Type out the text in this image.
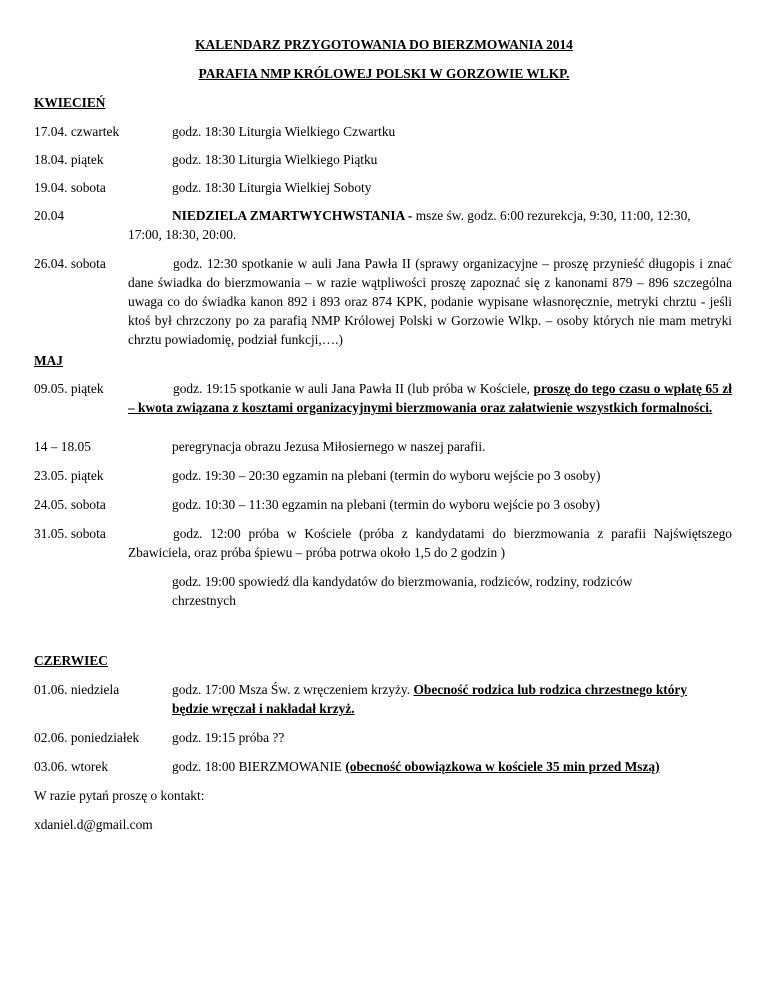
KALENDARZ PRZYGOTOWANIA DO BIERZMOWANIA 2014
PARAFIA NMP KRÓLOWEJ POLSKI W GORZOWIE WLKP.
KWIECIEŃ
17.04. czwartek	godz. 18:30 Liturgia Wielkiego Czwartku
18.04. piątek	godz. 18:30 Liturgia Wielkiego Piątku
19.04. sobota	godz. 18:30 Liturgia Wielkiej Soboty
20.04	NIEDZIELA ZMARTWYCHWSTANIA - msze św. godz. 6:00 rezurekcja, 9:30, 11:00, 12:30,
17:00, 18:30, 20:00.
26.04. sobota	godz. 12:30 spotkanie w auli Jana Pawła II (sprawy organizacyjne – proszę przynieść długopis i znać dane świadka do bierzmowania – w razie wątpliwości proszę zapoznać się z kanonami 879 – 896 szczególna uwaga co do świadka kanon 892 i 893 oraz 874 KPK, podanie wypisane własnoręcznie, metryki chrztu - jeśli ktoś był chrzczony po za parafią NMP Królowej Polski w Gorzowie Wlkp. – osoby których nie mam metryki chrztu powiadomię, podział funkcji,….)
MAJ
09.05. piątek	godz. 19:15 spotkanie w auli Jana Pawła II (lub próba w Kościele, proszę do tego czasu o wpłatę 65 zł – kwota związana z kosztami organizacyjnymi bierzmowania oraz załatwienie wszystkich formalności.
14 – 18.05	peregrynacja obrazu Jezusa Miłosiernego w naszej parafii.
23.05. piątek	godz. 19:30 – 20:30 egzamin na plebani (termin do wyboru wejście po 3 osoby)
24.05. sobota	godz. 10:30 – 11:30 egzamin na plebani (termin do wyboru wejście po 3 osoby)
31.05. sobota	godz. 12:00 próba w Kościele (próba z kandydatami do bierzmowania z parafii Najświętszego Zbawiciela, oraz próba śpiewu – próba potrwa około 1,5 do 2 godzin )
godz. 19:00 spowiedź dla kandydatów do bierzmowania, rodziców, rodziny, rodziców
chrzestnych
CZERWIEC
01.06. niedziela	godz. 17:00 Msza Św. z wręczeniem krzyży. Obecność rodzica lub rodzica chrzestnego który
będzie wręczał i nakładał krzyż.
02.06. poniedziałek godz. 19:15 próba ??
03.06. wtorek	godz. 18:00 BIERZMOWANIE (obecność obowiązkowa w kościele 35 min przed Mszą)
W razie pytań proszę o kontakt:
xdaniel.d@gmail.com
